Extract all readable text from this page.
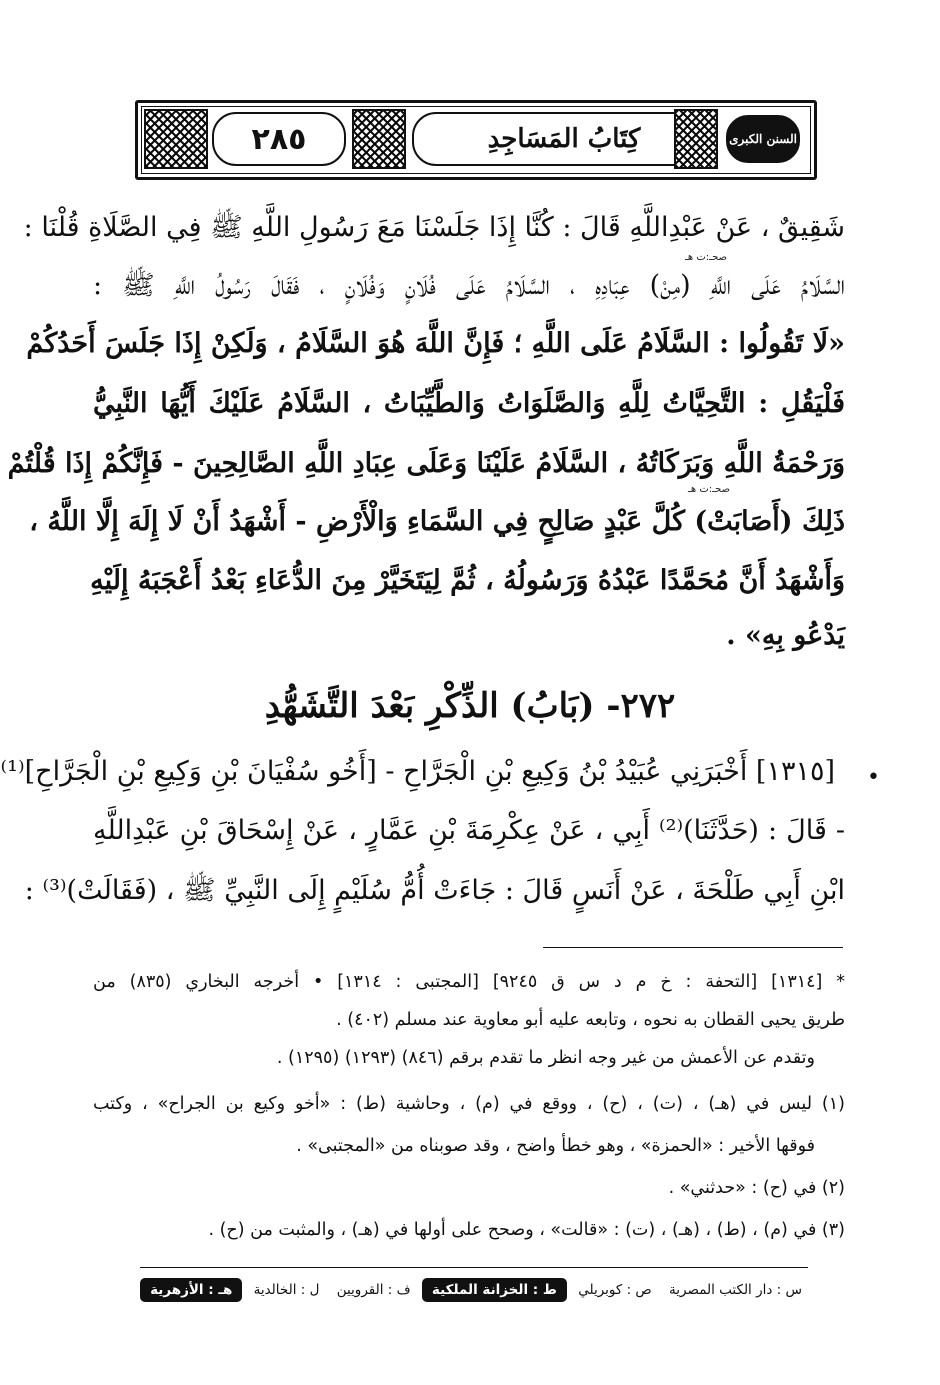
٢٨٥	كِتَابُ المَسَاجِدِ	السنن الكبرى
شَقِيقٌ ، عَنْ عَبْدِاللَّهِ قَالَ : كُنَّا إِذَا جَلَسْنَا مَعَ رَسُولِ اللَّهِ ﷺ فِي الصَّلَاةِ قُلْنَا :
السَّلَامُ عَلَى اللَّهِ (مِنْ) عِبَادِهِ ، السَّلَامُ عَلَى فُلَانٍ وَفُلَانٍ ، فَقَالَ رَسُولُ اللَّهِ ﷺ :
صحـ:ت هـ
«لَا تَقُولُوا : السَّلَامُ عَلَى اللَّهِ ؛ فَإِنَّ اللَّهَ هُوَ السَّلَامُ ، وَلَكِنْ إِذَا جَلَسَ أَحَدُكُمْ
فَلْيَقُلِ : التَّحِيَّاتُ لِلَّهِ وَالصَّلَوَاتُ وَالطَّيِّبَاتُ ، السَّلَامُ عَلَيْكَ أَيُّهَا النَّبِيُّ
وَرَحْمَةُ اللَّهِ وَبَرَكَاتُهُ ، السَّلَامُ عَلَيْنَا وَعَلَى عِبَادِ اللَّهِ الصَّالِحِينَ - فَإِنَّكُمْ إِذَا قُلْتُمْ
صحـ:ت هـ
ذَلِكَ (أَصَابَتْ) كُلَّ عَبْدٍ صَالِحٍ فِي السَّمَاءِ وَالْأَرْضِ - أَشْهَدُ أَنْ لَا إِلَهَ إِلَّا اللَّهُ ،
وَأَشْهَدُ أَنَّ مُحَمَّدًا عَبْدُهُ وَرَسُولُهُ ، ثُمَّ لِيَتَخَيَّرْ مِنَ الدُّعَاءِ بَعْدُ أَعْجَبَهُ إِلَيْهِ
يَدْعُو بِهِ» .
٢٧٢- (بَابُ) الذِّكْرِ بَعْدَ التَّشَهُّدِ
•
[١٣١٥] أَخْبَرَنِي عُبَيْدُ بْنُ وَكِيعِ بْنِ الْجَرَّاحِ - [أَخُو سُفْيَانَ بْنِ وَكِيعِ بْنِ الْجَرَّاحِ]⁽¹⁾
- قَالَ : (حَدَّثَنَا)⁽²⁾ أَبِي ، عَنْ عِكْرِمَةَ بْنِ عَمَّارٍ ، عَنْ إِسْحَاقَ بْنِ عَبْدِاللَّهِ
ابْنِ أَبِي طَلْحَةَ ، عَنْ أَنَسٍ قَالَ : جَاءَتْ أُمُّ سُلَيْمٍ إِلَى النَّبِيِّ ﷺ ، (فَقَالَتْ)⁽³⁾ :
* [١٣١٤] [التحفة : خ م د س ق ٩٢٤٥] [المجتبى : ١٣١٤] • أخرجه البخاري (٨٣٥) من
طريق يحيى القطان به نحوه ، وتابعه عليه أبو معاوية عند مسلم (٤٠٢) .
وتقدم عن الأعمش من غير وجه انظر ما تقدم برقم (٨٤٦) (١٢٩٣) (١٢٩٥) .
(١) ليس في (هـ) ، (ت) ، (ح) ، ووقع في (م) ، وحاشية (ط) : «أخو وكيع بن الجراح» ، وكتب
فوقها الأخير : «الحمزة» ، وهو خطأ واضح ، وقد صوبناه من «المجتبى» .
(٢) في (ح) : «حدثني» .
(٣) في (م) ، (ط) ، (هـ) ، (ت) : «قالت» ، وصحح على أولها في (هـ) ، والمثبت من (ح) .
س : دار الكتب المصرية
ص : كوبريلي
ط : الخزانة الملكية
ف : القرويين
ل : الخالدية
هـ : الأزهرية
